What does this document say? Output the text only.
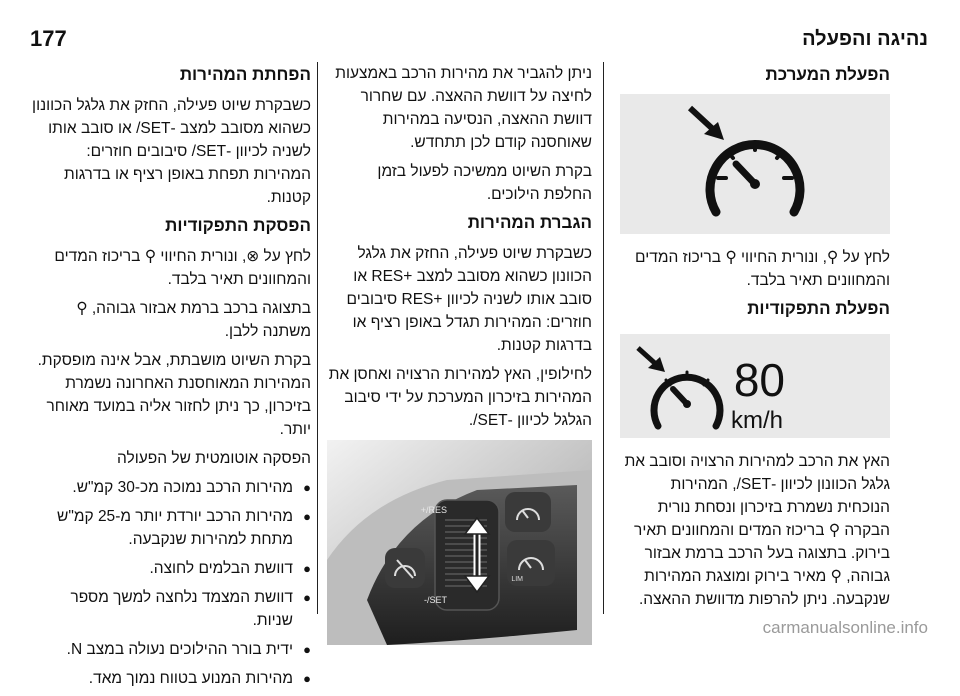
177	נהיגה והפעלה
הפחתת המהירות

כשבקרת שיוט פעילה, החזק את גלגל הכוונון כשהוא מסובב למצב -SET/ או סובב אותו לשניה לכיוון -SET/ סיבובים חוזרים: המהירות תפחת באופן רציף או בדרגות קטנות.

הפסקת התפקודיות

לחץ על ⊗, ונורית החיווי ⚲ בריכוז המדים והמחוונים תאיר בלבד.

בתצוגה ברכב ברמת אבזור גבוהה, ⚲ משתנה ללבן.

בקרת השיוט מושבתת, אבל אינה מופסקת. המהירות המאוחסנת האחרונה נשמרת בזיכרון, כך ניתן לחזור אליה במועד מאוחר יותר.

הפסקה אוטומטית של הפעולה

● מהירות הרכב נמוכה מכ-30 קמ"ש.
● מהירות הרכב יורדת יותר מ-25 קמ"ש מתחת למהירות שנקבעה.
● דוושת הבלמים לחוצה.
● דוושת המצמד נלחצה למשך מספר שניות.
● ידית בורר ההילוכים נעולה במצב N.
● מהירות המנוע בטווח נמוך מאד.

ניתן להגביר את מהירות הרכב באמצעות לחיצה על דוושת ההאצה. עם שחרור דוושת ההאצה, הנסיעה במהירות שאוחסנה קודם לכן תתחדש.

בקרת השיוט ממשיכה לפעול בזמן החלפת הילוכים.

הגברת המהירות

כשבקרת שיוט פעילה, החזק את גלגל הכוונון כשהוא מסובב למצב +RES או סובב אותו לשניה לכיוון +RES סיבובים חוזרים: המהירות תגדל באופן רציף או בדרגות קטנות.

לחילופין, האץ למהירות הרצויה ואחסן את המהירות בזיכרון המערכת על ידי סיבוב הגלגל לכיוון -SET/.

LIM
RES/+
SET/-
הפעלת המערכת

לחץ על ⚲, ונורית החיווי ⚲ בריכוז המדים והמחוונים תאיר בלבד.

הפעלת התפקודיות
80
km/h

האץ את הרכב למהירות הרצויה וסובב את גלגל הכוונון לכיוון -SET/, המהירות הנוכחית נשמרת בזיכרון ונסחת נורית הבקרה ⚲ בריכוז המדים והמחוונים תאיר בירוק. בתצוגה בעל הרכב ברמת אבזור גבוהה, ⚲ מאיר בירוק ומוצגת המהירות שנקבעה. ניתן להרפות מדוושת ההאצה.

carmanualsonline.info
